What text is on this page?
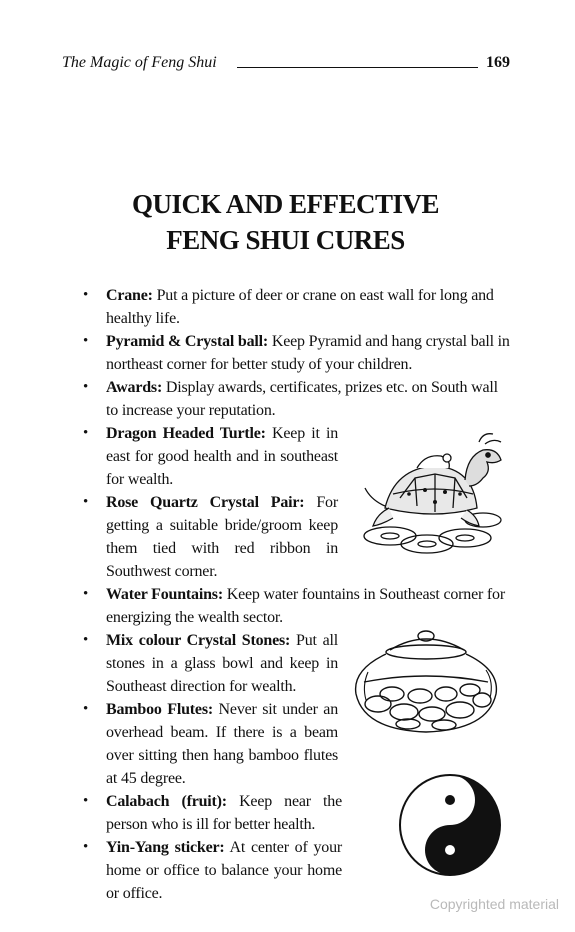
The Magic of Feng Shui	169
QUICK AND EFFECTIVE
FENG SHUI CURES
• Crane: Put a picture of deer or crane on east wall for long and healthy life.
• Pyramid & Crystal ball: Keep Pyramid and hang crystal ball in northeast corner for better study of your children.
• Awards: Display awards, certificates, prizes etc. on South wall to increase your reputation.
• Dragon Headed Turtle: Keep it in east for good health and in southeast for wealth.
• Rose Quartz Crystal Pair: For getting a suitable bride/groom keep them tied with red ribbon in Southwest corner.
• Water Fountains: Keep water fountains in Southeast corner for energizing the wealth sector.
• Mix colour Crystal Stones: Put all stones in a glass bowl and keep in Southeast direction for wealth.
• Bamboo Flutes: Never sit under an overhead beam. If there is a beam over sitting then hang bamboo flutes at 45 degree.
• Calabach (fruit): Keep near the person who is ill for better health.
• Yin-Yang sticker: At center of your home or office to balance your home or office.
Copyrighted material
